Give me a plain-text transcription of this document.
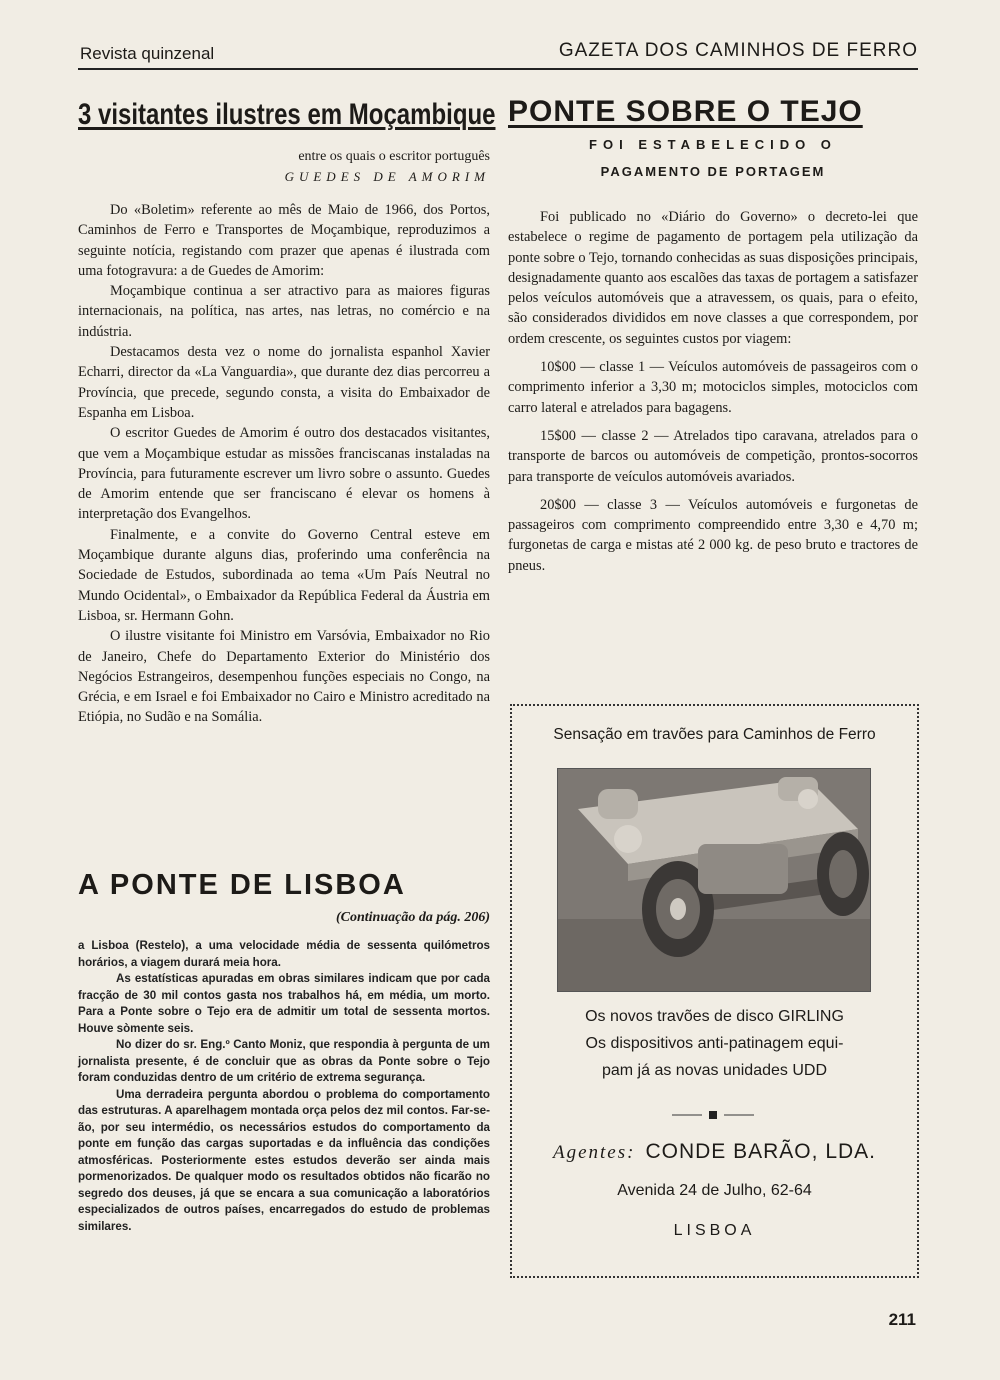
Revista quinzenal	GAZETA DOS CAMINHOS DE FERRO
3 visitantes ilustres em Moçambique
entre os quais o escritor português
GUEDES DE AMORIM

Do «Boletim» referente ao mês de Maio de 1966, dos Portos, Caminhos de Ferro e Transportes de Moçambique, reproduzimos a seguinte notícia, registando com prazer que apenas é ilustrada com uma fotogravura: a de Guedes de Amorim:

Moçambique continua a ser atractivo para as maiores figuras internacionais, na política, nas artes, nas letras, no comércio e na indústria.

Destacamos desta vez o nome do jornalista espanhol Xavier Echarri, director da «La Vanguardia», que durante dez dias percorreu a Província, que precede, segundo consta, a visita do Embaixador de Espanha em Lisboa.

O escritor Guedes de Amorim é outro dos destacados visitantes, que vem a Moçambique estudar as missões franciscanas instaladas na Província, para futuramente escrever um livro sobre o assunto. Guedes de Amorim entende que ser franciscano é elevar os homens à interpretação dos Evangelhos.

Finalmente, e a convite do Governo Central esteve em Moçambique durante alguns dias, proferindo uma conferência na Sociedade de Estudos, subordinada ao tema «Um País Neutral no Mundo Ocidental», o Embaixador da República Federal da Áustria em Lisboa, sr. Hermann Gohn.

O ilustre visitante foi Ministro em Varsóvia, Embaixador no Rio de Janeiro, Chefe do Departamento Exterior do Ministério dos Negócios Estrangeiros, desempenhou funções especiais no Congo, na Grécia, e em Israel e foi Embaixador no Cairo e Ministro acreditado na Etiópia, no Sudão e na Somália.

A PONTE DE LISBOA
(Continuação da pág. 206)

a Lisboa (Restelo), a uma velocidade média de sessenta quilómetros horários, a viagem durará meia hora.

As estatísticas apuradas em obras similares indicam que por cada fracção de 30 mil contos gasta nos trabalhos há, em média, um morto. Para a Ponte sobre o Tejo era de admitir um total de sessenta mortos. Houve sòmente seis.

No dizer do sr. Eng.º Canto Moniz, que respondia à pergunta de um jornalista presente, é de concluir que as obras da Ponte sobre o Tejo foram conduzidas dentro de um critério de extrema segurança.

Uma derradeira pergunta abordou o problema do comportamento das estruturas. A aparelhagem montada orça pelos dez mil contos. Far-se-ão, por seu intermédio, os necessários estudos do comportamento da ponte em função das cargas suportadas e da influência das condições atmosféricas. Posteriormente estes estudos deverão ser ainda mais pormenorizados. De qualquer modo os resultados obtidos não ficarão no segredo dos deuses, já que se encara a sua comunicação a laboratórios especializados de outros países, encarregados do estudo de problemas similares.

PONTE SOBRE O TEJO
FOI ESTABELECIDO O
PAGAMENTO DE PORTAGEM

Foi publicado no «Diário do Governo» o decreto-lei que estabelece o regime de pagamento de portagem pela utilização da ponte sobre o Tejo, tornando conhecidas as suas disposições principais, designadamente quanto aos escalões das taxas de portagem a satisfazer pelos veículos automóveis que a atravessem, os quais, para o efeito, são considerados divididos em nove classes a que correspondem, por ordem crescente, os seguintes custos por viagem:

10$00 — classe 1 — Veículos automóveis de passageiros com o comprimento inferior a 3,30 m; motociclos simples, motociclos com carro lateral e atrelados para bagagens.

15$00 — classe 2 — Atrelados tipo caravana, atrelados para o transporte de barcos ou automóveis de competição, prontos-socorros para transporte de veículos automóveis avariados.

20$00 — classe 3 — Veículos automóveis e furgonetas de passageiros com comprimento compreendido entre 3,30 e 4,70 m; furgonetas de carga e mistas até 2 000 kg. de peso bruto e tractores de pneus.

Sensação em travões para Caminhos de Ferro
Os novos travões de disco GIRLING
Os dispositivos anti-patinagem equi-
pam já as novas unidades UDD
Agentes: CONDE BARÃO, LDA.
Avenida 24 de Julho, 62-64
LISBOA
211
